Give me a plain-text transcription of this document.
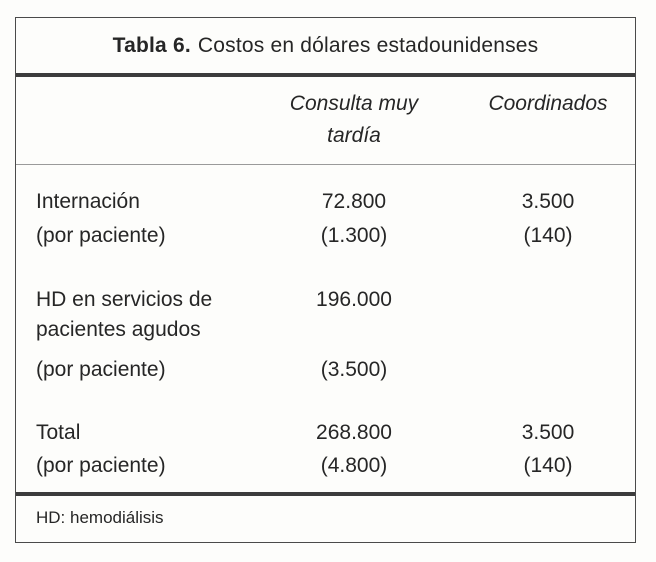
Tabla 6. Costos en dólares estadounidenses
Consulta muy
tardía
Coordinados
Internación
(por paciente)
72.800
(1.300)
3.500
(140)
HD en servicios de
pacientes agudos
(por paciente)
196.000
(3.500)
Total
(por paciente)
268.800
(4.800)
3.500
(140)
HD: hemodiálisis
